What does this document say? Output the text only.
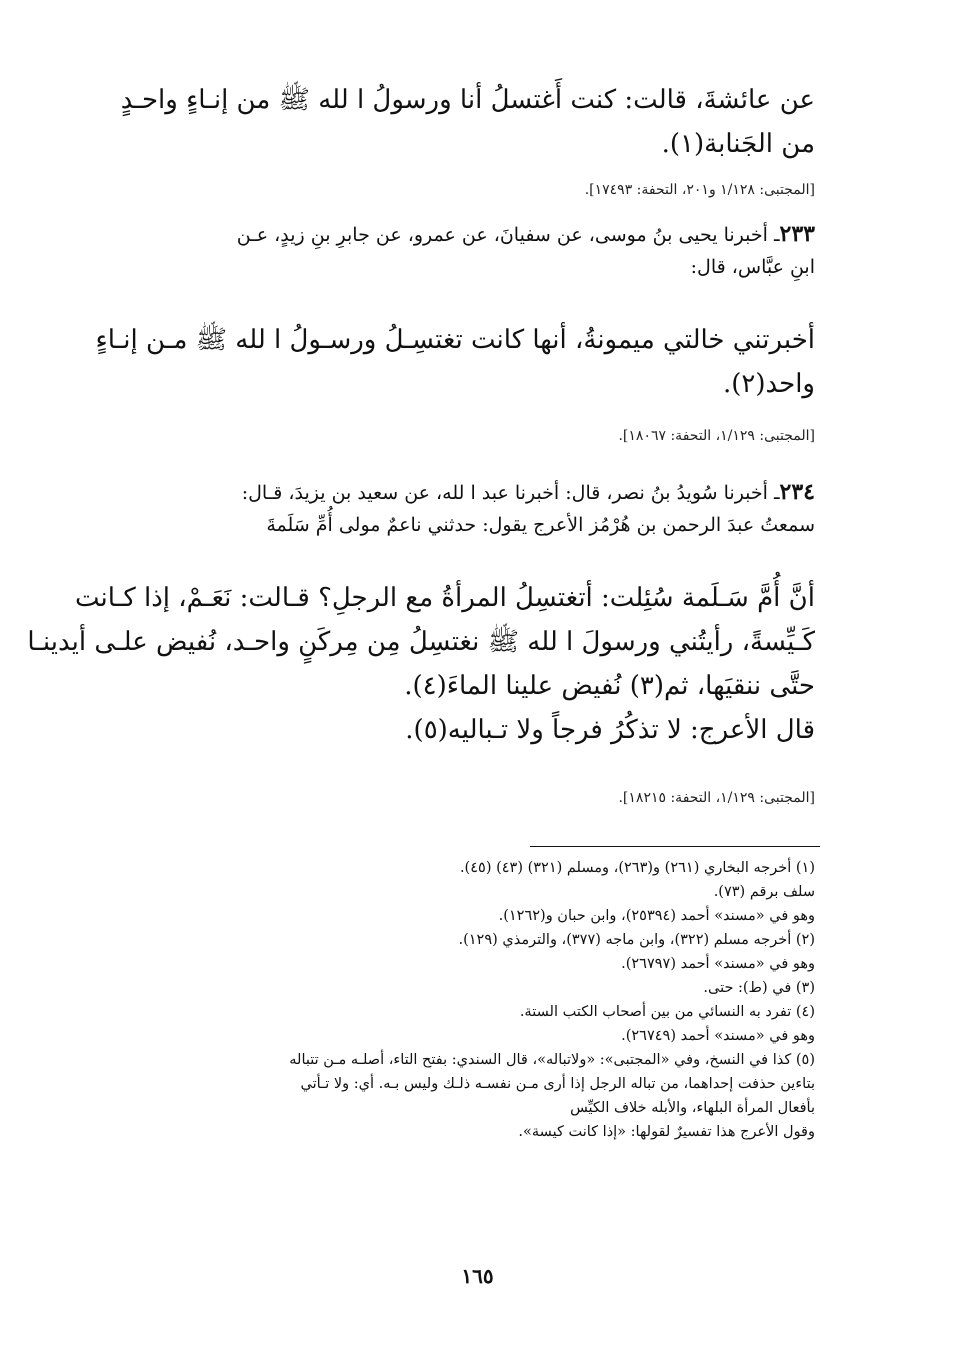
عن عائشةَ، قالت: كنت أَغتسلُ أنا ورسولُ ا لله ﷺ من إنـاءٍ واحـدٍ
من الجَنابة(١).
[المجتبى: ١/١٢٨ و٢٠١، التحفة: ١٧٤٩٣].
٢٣٣ـ أخبرنا يحيى بنُ موسى، عن سفيانَ، عن عمرو، عن جابرِ بنِ زيدٍ، عـن
ابنِ عبَّاس، قال:
أخبرتني خالتي ميمونةُ، أنها كانت تغتسِـلُ ورسـولُ ا لله ﷺ مـن إنـاءٍ
واحد(٢).
[المجتبى: ١/١٢٩، التحفة: ١٨٠٦٧].
٢٣٤ـ أخبرنا سُويدُ بنُ نصر، قال: أخبرنا عبد ا لله، عن سعيد بن يزيدَ، قـال:
سمعتُ عبدَ الرحمن بن هُرْمُز الأعرج يقول: حدثني ناعمٌ مولى أُمِّ سَلَمةَ
أنَّ أُمَّ سَـلَمة سُئِلت: أتغتسِلُ المرأةُ مع الرجلِ؟ قـالت: نَعَـمْ، إذا كـانت
كَـيِّسةً، رأيتُني ورسولَ ا لله ﷺ نغتسِلُ مِن مِركَنٍ واحـد، نُفيض علـى أيدينـا
حتَّى ننقيَها، ثم(٣) نُفيض علينا الماءَ(٤).
قال الأعرج: لا تذكُرُ فرجاً ولا تـباليه(٥).
[المجتبى: ١/١٢٩، التحفة: ١٨٢١٥].
(١) أخرجه البخاري (٢٦١) و(٢٦٣)، ومسلم (٣٢١) (٤٣) (٤٥).
سلف برقم (٧٣).
وهو في «مسند» أحمد (٢٥٣٩٤)، وابن حبان و(١٢٦٢).
(٢) أخرجه مسلم (٣٢٢)، وابن ماجه (٣٧٧)، والترمذي (١٢٩).
وهو في «مسند» أحمد (٢٦٧٩٧).
(٣) في (ط): حتى.
(٤) تفرد به النسائي من بين أصحاب الكتب الستة.
وهو في «مسند» أحمد (٢٦٧٤٩).
(٥) كذا في النسخ، وفي «المجتبى»: «ولاتباله»، قال السندي: بفتح التاء، أصلـه مـن تتباله
بتاءين حذفت إحداهما، من تباله الرجل إذا أرى مـن نفسـه ذلـك وليس بـه. أي: ولا تـأتي
بأفعال المرأة البلهاء، والأبله خلاف الكيِّس
وقول الأعرج هذا تفسيرٌ لقولها: «إذا كانت كيسة».
١٦٥
